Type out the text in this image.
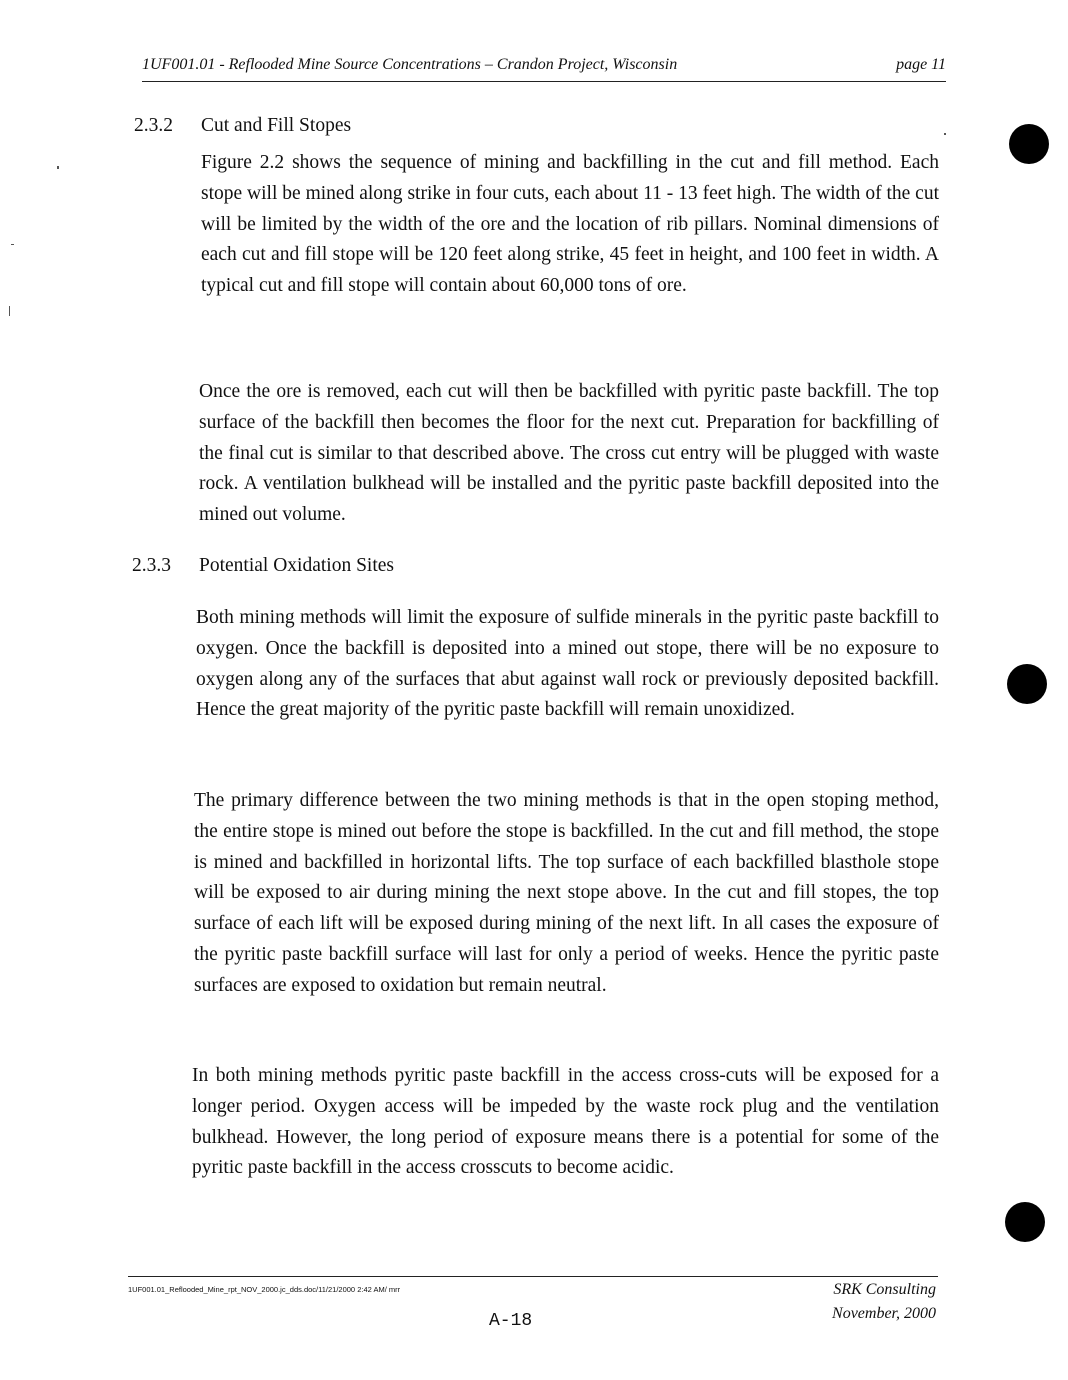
1UF001.01 - Reflooded Mine Source Concentrations – Crandon Project, Wisconsin	page 11
2.3.2 Cut and Fill Stopes

Figure 2.2 shows the sequence of mining and backfilling in the cut and fill method. Each stope will be mined along strike in four cuts, each about 11 - 13 feet high. The width of the cut will be limited by the width of the ore and the location of rib pillars. Nominal dimensions of each cut and fill stope will be 120 feet along strike, 45 feet in height, and 100 feet in width. A typical cut and fill stope will contain about 60,000 tons of ore.

Once the ore is removed, each cut will then be backfilled with pyritic paste backfill. The top surface of the backfill then becomes the floor for the next cut. Preparation for backfilling of the final cut is similar to that described above. The cross cut entry will be plugged with waste rock. A ventilation bulkhead will be installed and the pyritic paste backfill deposited into the mined out volume.

2.3.3 Potential Oxidation Sites

Both mining methods will limit the exposure of sulfide minerals in the pyritic paste backfill to oxygen. Once the backfill is deposited into a mined out stope, there will be no exposure to oxygen along any of the surfaces that abut against wall rock or previously deposited backfill. Hence the great majority of the pyritic paste backfill will remain unoxidized.

The primary difference between the two mining methods is that in the open stoping method, the entire stope is mined out before the stope is backfilled. In the cut and fill method, the stope is mined and backfilled in horizontal lifts. The top surface of each backfilled blasthole stope will be exposed to air during mining the next stope above. In the cut and fill stopes, the top surface of each lift will be exposed during mining of the next lift. In all cases the exposure of the pyritic paste backfill surface will last for only a period of weeks. Hence the pyritic paste surfaces are exposed to oxidation but remain neutral.

In both mining methods pyritic paste backfill in the access cross-cuts will be exposed for a longer period. Oxygen access will be impeded by the waste rock plug and the ventilation bulkhead. However, the long period of exposure means there is a potential for some of the pyritic paste backfill in the access crosscuts to become acidic.

1UF001.01_Reflooded_Mine_rpt_NOV_2000.jc_dds.doc/11/21/2000 2:42 AM/ mrr	SRK Consulting
November, 2000
A-18
